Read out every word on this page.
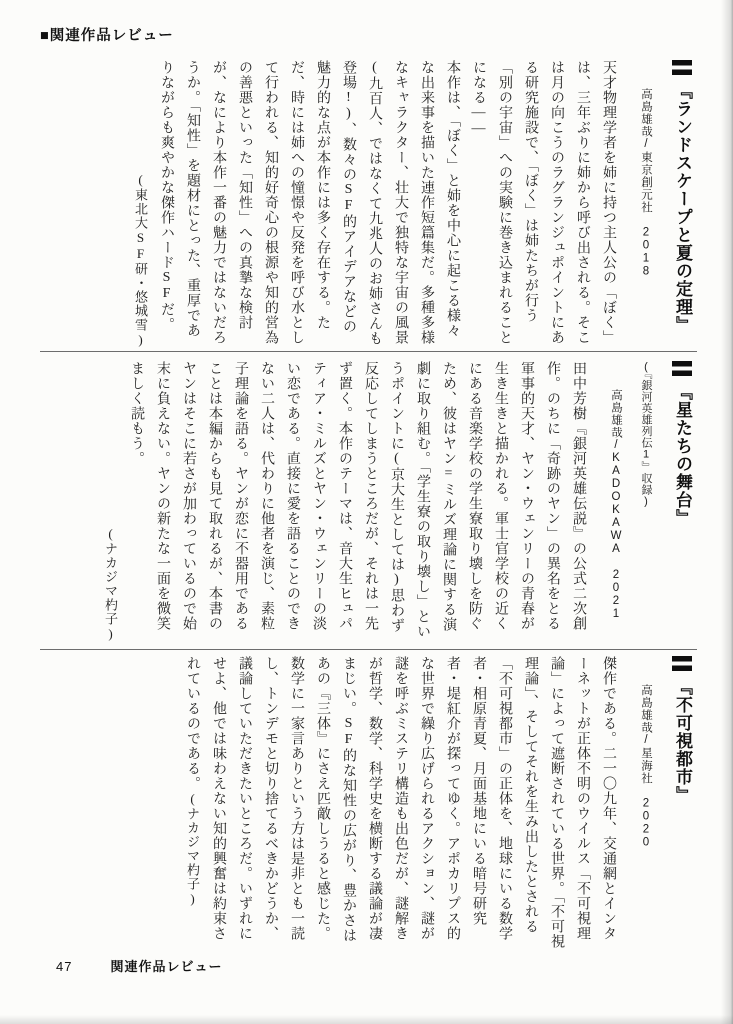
■関連作品レビュー
『ランドスケープと夏の定理』
高島雄哉/東京創元社 2018

天才物理学者を姉に持つ主人公の「ぼく」は、三年ぶりに姉から呼び出される。そこは月の向こうのラグランジュポイントにある研究施設で、「ぼく」は姉たちが行う「別の宇宙」への実験に巻き込まれることになる――

本作は、「ぼく」と姉を中心に起こる様々な出来事を描いた連作短篇集だ。多種多様なキャラクター、壮大で独特な宇宙の風景(九百人、ではなくて九兆人のお姉さんも登場!)、数々のSF的アイデアなどの魅力的な点が本作には多く存在する。ただ、時には姉への憧憬や反発を呼び水として行われる、知的好奇心の根源や知的営為の善悪といった「知性」への真摯な検討が、なにより本作一番の魅力ではないだろうか。「知性」を題材にとった、重厚でありながらも爽やかな傑作ハードSFだ。

(東北大SF研・悠城雪)

『星たちの舞台』
(『銀河英雄列伝1』収録)
高島雄哉/KADOKAWA 2021

田中芳樹『銀河英雄伝説』の公式二次創作。のちに「奇跡のヤン」の異名をとる軍事的天才、ヤン・ウェンリーの青春が生き生きと描かれる。軍士官学校の近くにある音楽学校の学生寮取り壊しを防ぐため、彼はヤン=ミルズ理論に関する演劇に取り組む。「学生寮の取り壊し」というポイントに(京大生としては)思わず反応してしまうところだが、それは一先ず置く。本作のテーマは、音大生ヒュパティア・ミルズとヤン・ウェンリーの淡い恋である。直接に愛を語ることのできない二人は、代わりに他者を演じ、素粒子理論を語る。ヤンが恋に不器用であることは本編からも見て取れるが、本書のヤンはそこに若さが加わっているので始末に負えない。ヤンの新たな一面を微笑ましく読もう。

(ナカジマ杓子)

『不可視都市』
高島雄哉/星海社 2020

傑作である。二一〇九年、交通網とインターネットが正体不明のウイルス「不可視理論」によって遮断されている世界。「不可視理論」、そしてそれを生み出したとされる「不可視都市」の正体を、地球にいる数学者・相原青夏、月面基地にいる暗号研究者・堤紅介が探ってゆく。アポカリプス的な世界で繰り広げられるアクション、謎が謎を呼ぶミステリ構造も出色だが、謎解きが哲学、数学、科学史を横断する議論が凄まじい。SF的な知性の広がり、豊かさはあの『三体』にさえ匹敵しうると感じた。数学に一家言ありという方は是非とも一読し、トンデモと切り捨てるべきかどうか、議論していただきたいところだ。いずれにせよ、他では味わえない知的興奮は約束されているのである。(ナカジマ杓子)

47	関連作品レビュー
